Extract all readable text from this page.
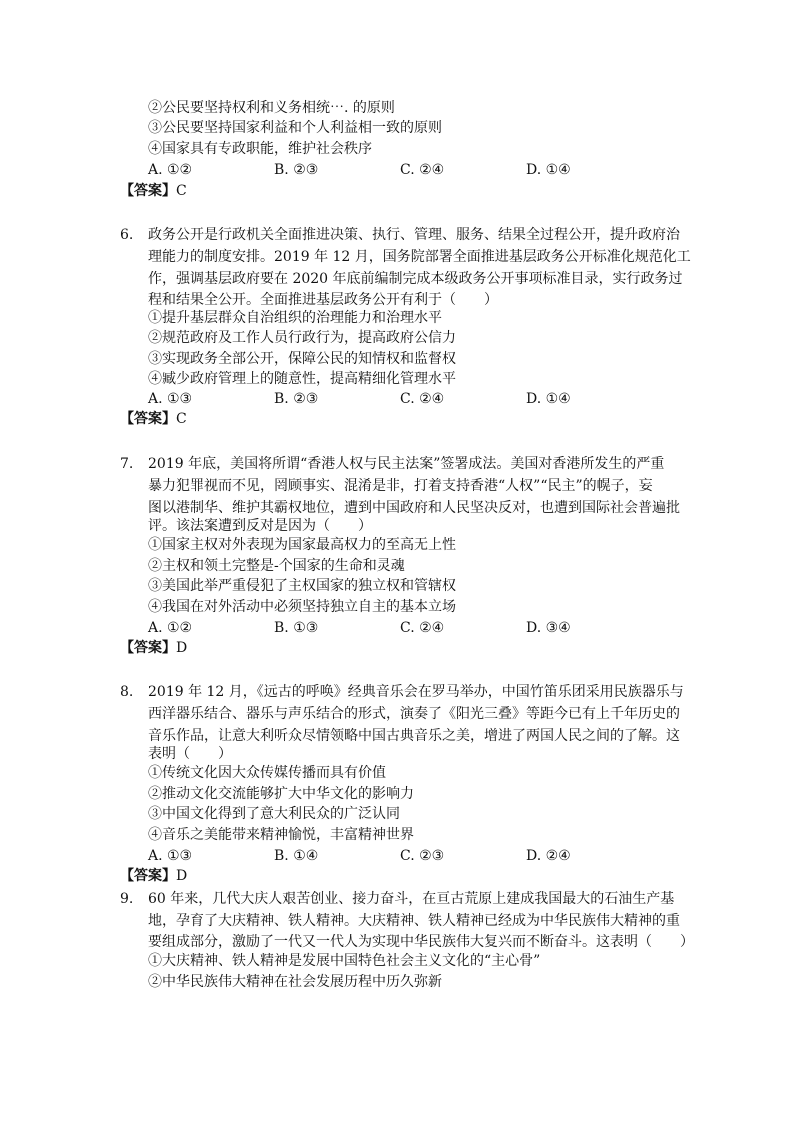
②公民要坚持权利和义务相统⋯. 的原则
③公民要坚持国家利益和个人利益相一致的原则
④国家具有专政职能，维护社会秩序
A. ①②	B. ②③	C. ②④	D. ①④
【答案】C
6. 政务公开是行政机关全面推进决策、执行、管理、服务、结果全过程公开，提升政府治
理能力的制度安排。2019 年 12 月，国务院部署全面推进基层政务公开标准化规范化工
作，强调基层政府要在 2020 年底前编制完成本级政务公开事项标准目录，实行政务过
程和结果全公开。全面推进基层政务公开有利于（　　）
①提升基层群众自治组织的治理能力和治理水平
②规范政府及工作人员行政行为，提高政府公信力
③实现政务全部公开，保障公民的知情权和监督权
④臧少政府管理上的随意性，提高精细化管理水平
A. ①③	B. ②③	C. ②④	D. ①④
【答案】C
7. 2019 年底，美国将所谓“香港人权与民主法案”签署成法。美国对香港所发生的严重
暴力犯罪视而不见，罔顾事实、混淆是非，打着支持香港“人权”“民主”的幌子，妄
图以港制华、维护其霸权地位，遭到中国政府和人民坚决反对，也遭到国际社会普遍批
评。该法案遭到反对是因为（　　）
①国家主权对外表现为国家最高权力的至高无上性
②主权和领土完整是-个国家的生命和灵魂
③美国此举严重侵犯了主权国家的独立权和管辖权
④我国在对外活动中必须坚持独立自主的基本立场
A. ①②	B. ①③	C. ②④	D. ③④
【答案】D
8. 2019 年 12 月，《远古的呼唤》经典音乐会在罗马举办，中国竹笛乐团采用民族器乐与
西洋器乐结合、器乐与声乐结合的形式，演奏了《阳光三叠》等距今已有上千年历史的
音乐作品，让意大利听众尽情领略中国古典音乐之美，增进了两国人民之间的了解。这
表明（　　）
①传统文化因大众传媒传播而具有价值
②推动文化交流能够扩大中华文化的影响力
③中国文化得到了意大利民众的广泛认同
④音乐之美能带来精神愉悦，丰富精神世界
A. ①③	B. ①④	C. ②③	D. ②④
【答案】D
9. 60 年来，几代大庆人艰苦创业、接力奋斗，在亘古荒原上建成我国最大的石油生产基
地，孕育了大庆精神、铁人精神。大庆精神、铁人精神已经成为中华民族伟大精神的重
要组成部分，激励了一代又一代人为实现中华民族伟大复兴而不断奋斗。这表明（　　）
①大庆精神、铁人精神是发展中国特色社会主义文化的“主心骨”
②中华民族伟大精神在社会发展历程中历久弥新
